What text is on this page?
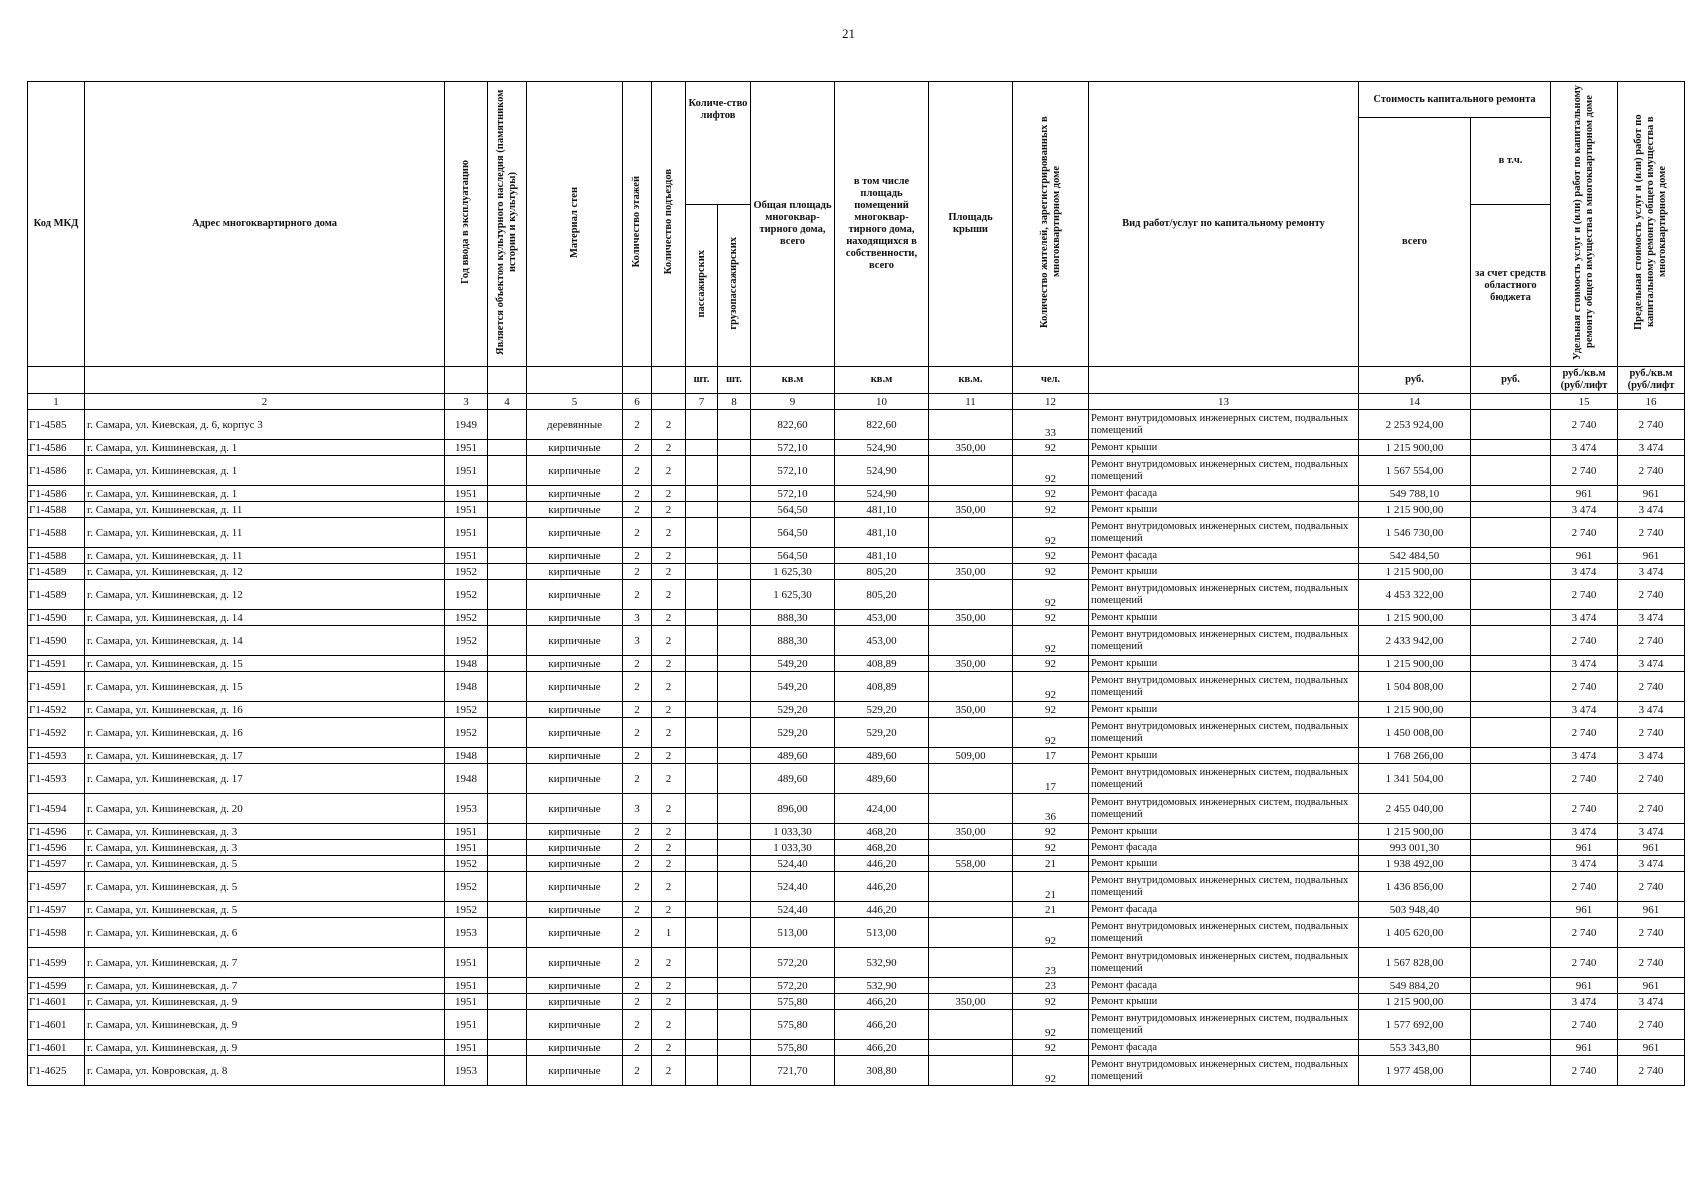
21
Код МКД	Адрес многоквартирного дома	Год ввода в эксплуатацию	Является объектом культурного наследия (памятником истории и культуры)	Материал стен	Количество этажей	Количество подъездов	Количе-ство лифтов		Общая площадь многоквар-тирного дома, всего	в том числе площадь помещений многоквар-тирного дома, находящихся в собственности, всего	Площадь крыши	Количество жителей, зарегистрированных в многоквартирном доме	Вид работ/услуг по капитальному ремонту	Стоимость капитального ремонта		Удельная стоимость услуг и (или) работ по капитальному ремонту общего имущества в многоквартирном доме	Предельная стоимость услуг и (или) работ по капитальному ремонту общего имущества в многоквартирном доме
														всего	в т.ч.		
							пассажирских	грузопассажирских							за счет средств областного бюджета		
							шт.	шт.	кв.м	кв.м	кв.м.	чел.		руб.	руб.	руб./кв.м (руб/лифт	руб./кв.м (руб/лифт
1	2	3	4	5	6		7	8	9	10	11	12	13	14		15	16
Г1-4585	г. Самара, ул. Киевская, д. 6, корпус 3	1949		деревянные	2	2			822,60	822,60		33	Ремонт внутридомовых инженерных систем, подвальных помещений	2 253 924,00		2 740	2 740
Г1-4586	г. Самара, ул. Кишиневская, д. 1	1951		кирпичные	2	2			572,10	524,90	350,00	92	Ремонт крыши	1 215 900,00		3 474	3 474
Г1-4586	г. Самара, ул. Кишиневская, д. 1	1951		кирпичные	2	2			572,10	524,90		92	Ремонт внутридомовых инженерных систем, подвальных помещений	1 567 554,00		2 740	2 740
Г1-4586	г. Самара, ул. Кишиневская, д. 1	1951		кирпичные	2	2			572,10	524,90		92	Ремонт фасада	549 788,10		961	961
Г1-4588	г. Самара, ул. Кишиневская, д. 11	1951		кирпичные	2	2			564,50	481,10	350,00	92	Ремонт крыши	1 215 900,00		3 474	3 474
Г1-4588	г. Самара, ул. Кишиневская, д. 11	1951		кирпичные	2	2			564,50	481,10		92	Ремонт внутридомовых инженерных систем, подвальных помещений	1 546 730,00		2 740	2 740
Г1-4588	г. Самара, ул. Кишиневская, д. 11	1951		кирпичные	2	2			564,50	481,10		92	Ремонт фасада	542 484,50		961	961
Г1-4589	г. Самара, ул. Кишиневская, д. 12	1952		кирпичные	2	2			1 625,30	805,20	350,00	92	Ремонт крыши	1 215 900,00		3 474	3 474
Г1-4589	г. Самара, ул. Кишиневская, д. 12	1952		кирпичные	2	2			1 625,30	805,20		92	Ремонт внутридомовых инженерных систем, подвальных помещений	4 453 322,00		2 740	2 740
Г1-4590	г. Самара, ул. Кишиневская, д. 14	1952		кирпичные	3	2			888,30	453,00	350,00	92	Ремонт крыши	1 215 900,00		3 474	3 474
Г1-4590	г. Самара, ул. Кишиневская, д. 14	1952		кирпичные	3	2			888,30	453,00		92	Ремонт внутридомовых инженерных систем, подвальных помещений	2 433 942,00		2 740	2 740
Г1-4591	г. Самара, ул. Кишиневская, д. 15	1948		кирпичные	2	2			549,20	408,89	350,00	92	Ремонт крыши	1 215 900,00		3 474	3 474
Г1-4591	г. Самара, ул. Кишиневская, д. 15	1948		кирпичные	2	2			549,20	408,89		92	Ремонт внутридомовых инженерных систем, подвальных помещений	1 504 808,00		2 740	2 740
Г1-4592	г. Самара, ул. Кишиневская, д. 16	1952		кирпичные	2	2			529,20	529,20	350,00	92	Ремонт крыши	1 215 900,00		3 474	3 474
Г1-4592	г. Самара, ул. Кишиневская, д. 16	1952		кирпичные	2	2			529,20	529,20		92	Ремонт внутридомовых инженерных систем, подвальных помещений	1 450 008,00		2 740	2 740
Г1-4593	г. Самара, ул. Кишиневская, д. 17	1948		кирпичные	2	2			489,60	489,60	509,00	17	Ремонт крыши	1 768 266,00		3 474	3 474
Г1-4593	г. Самара, ул. Кишиневская, д. 17	1948		кирпичные	2	2			489,60	489,60		17	Ремонт внутридомовых инженерных систем, подвальных помещений	1 341 504,00		2 740	2 740
Г1-4594	г. Самара, ул. Кишиневская, д. 20	1953		кирпичные	3	2			896,00	424,00		36	Ремонт внутридомовых инженерных систем, подвальных помещений	2 455 040,00		2 740	2 740
Г1-4596	г. Самара, ул. Кишиневская, д. 3	1951		кирпичные	2	2			1 033,30	468,20	350,00	92	Ремонт крыши	1 215 900,00		3 474	3 474
Г1-4596	г. Самара, ул. Кишиневская, д. 3	1951		кирпичные	2	2			1 033,30	468,20		92	Ремонт фасада	993 001,30		961	961
Г1-4597	г. Самара, ул. Кишиневская, д. 5	1952		кирпичные	2	2			524,40	446,20	558,00	21	Ремонт крыши	1 938 492,00		3 474	3 474
Г1-4597	г. Самара, ул. Кишиневская, д. 5	1952		кирпичные	2	2			524,40	446,20		21	Ремонт внутридомовых инженерных систем, подвальных помещений	1 436 856,00		2 740	2 740
Г1-4597	г. Самара, ул. Кишиневская, д. 5	1952		кирпичные	2	2			524,40	446,20		21	Ремонт фасада	503 948,40		961	961
Г1-4598	г. Самара, ул. Кишиневская, д. 6	1953		кирпичные	2	1			513,00	513,00		92	Ремонт внутридомовых инженерных систем, подвальных помещений	1 405 620,00		2 740	2 740
Г1-4599	г. Самара, ул. Кишиневская, д. 7	1951		кирпичные	2	2			572,20	532,90		23	Ремонт внутридомовых инженерных систем, подвальных помещений	1 567 828,00		2 740	2 740
Г1-4599	г. Самара, ул. Кишиневская, д. 7	1951		кирпичные	2	2			572,20	532,90		23	Ремонт фасада	549 884,20		961	961
Г1-4601	г. Самара, ул. Кишиневская, д. 9	1951		кирпичные	2	2			575,80	466,20	350,00	92	Ремонт крыши	1 215 900,00		3 474	3 474
Г1-4601	г. Самара, ул. Кишиневская, д. 9	1951		кирпичные	2	2			575,80	466,20		92	Ремонт внутридомовых инженерных систем, подвальных помещений	1 577 692,00		2 740	2 740
Г1-4601	г. Самара, ул. Кишиневская, д. 9	1951		кирпичные	2	2			575,80	466,20		92	Ремонт фасада	553 343,80		961	961
Г1-4625	г. Самара, ул. Ковровская, д. 8	1953		кирпичные	2	2			721,70	308,80		92	Ремонт внутридомовых инженерных систем, подвальных помещений	1 977 458,00		2 740	2 740
